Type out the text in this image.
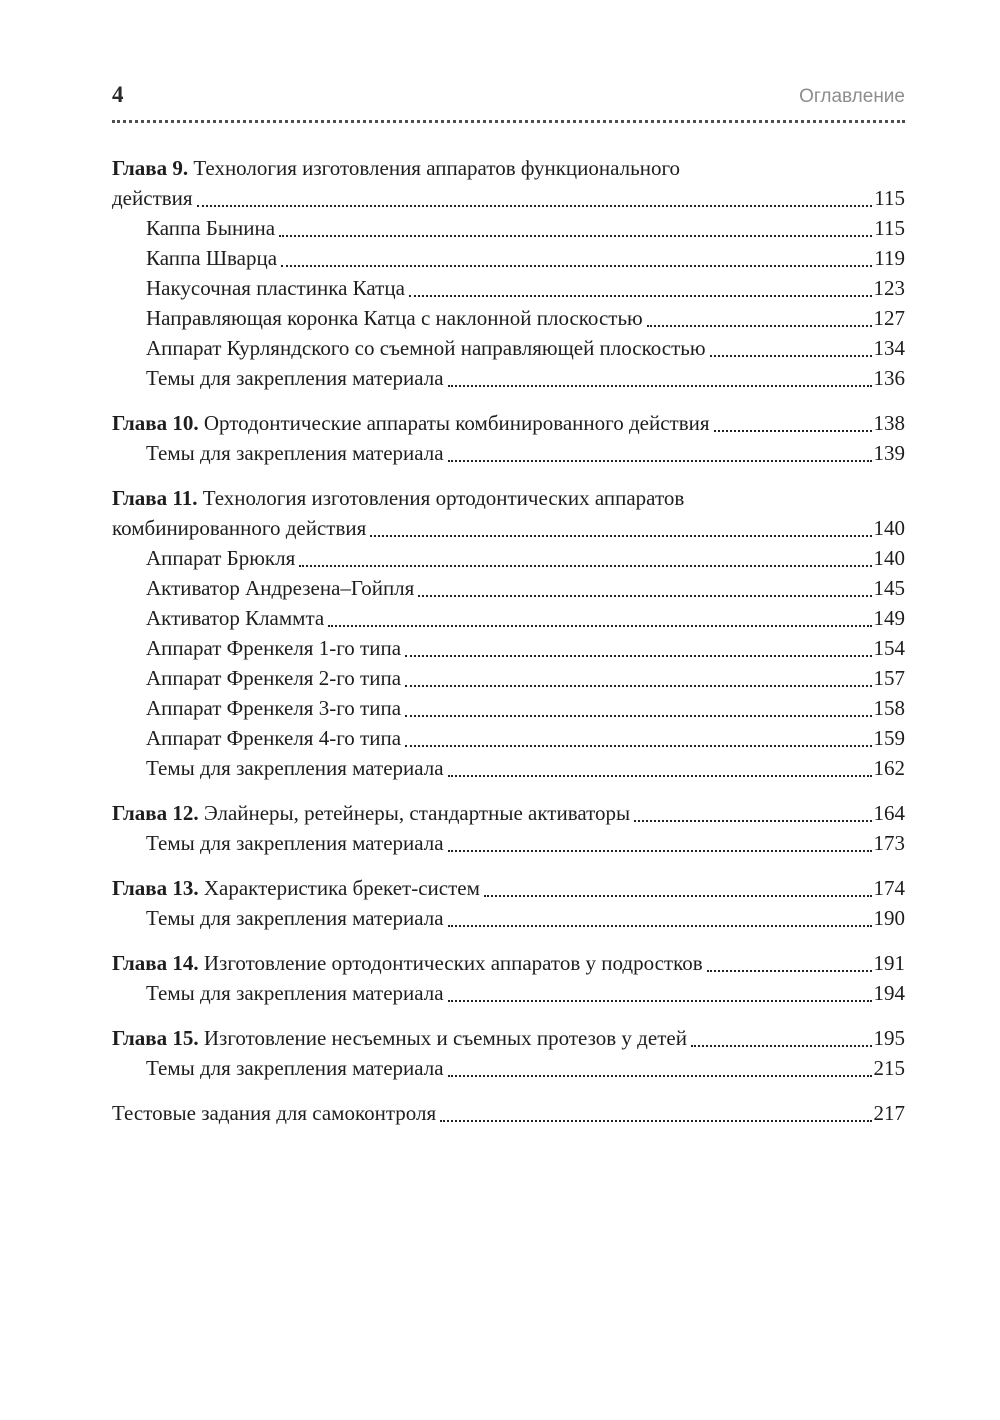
4	Оглавление
Глава 9. Технология изготовления аппаратов функционального
действия	115
Каппа Бынина	115
Каппа Шварца	119
Накусочная пластинка Катца	123
Направляющая коронка Катца с наклонной плоскостью	127
Аппарат Курляндского со съемной направляющей плоскостью	134
Темы для закрепления материала	136
Глава 10. Ортодонтические аппараты комбинированного действия	138
Темы для закрепления материала	139
Глава 11. Технология изготовления ортодонтических аппаратов
комбинированного действия	140
Аппарат Брюкля	140
Активатор Андрезена–Гойпля	145
Активатор Кламмта	149
Аппарат Френкеля 1-го типа	154
Аппарат Френкеля 2-го типа	157
Аппарат Френкеля 3-го типа	158
Аппарат Френкеля 4-го типа	159
Темы для закрепления материала	162
Глава 12. Элайнеры, ретейнеры, стандартные активаторы	164
Темы для закрепления материала	173
Глава 13. Характеристика брекет-систем	174
Темы для закрепления материала	190
Глава 14. Изготовление ортодонтических аппаратов у подростков	191
Темы для закрепления материала	194
Глава 15. Изготовление несъемных и съемных протезов у детей	195
Темы для закрепления материала	215
Тестовые задания для самоконтроля	217
